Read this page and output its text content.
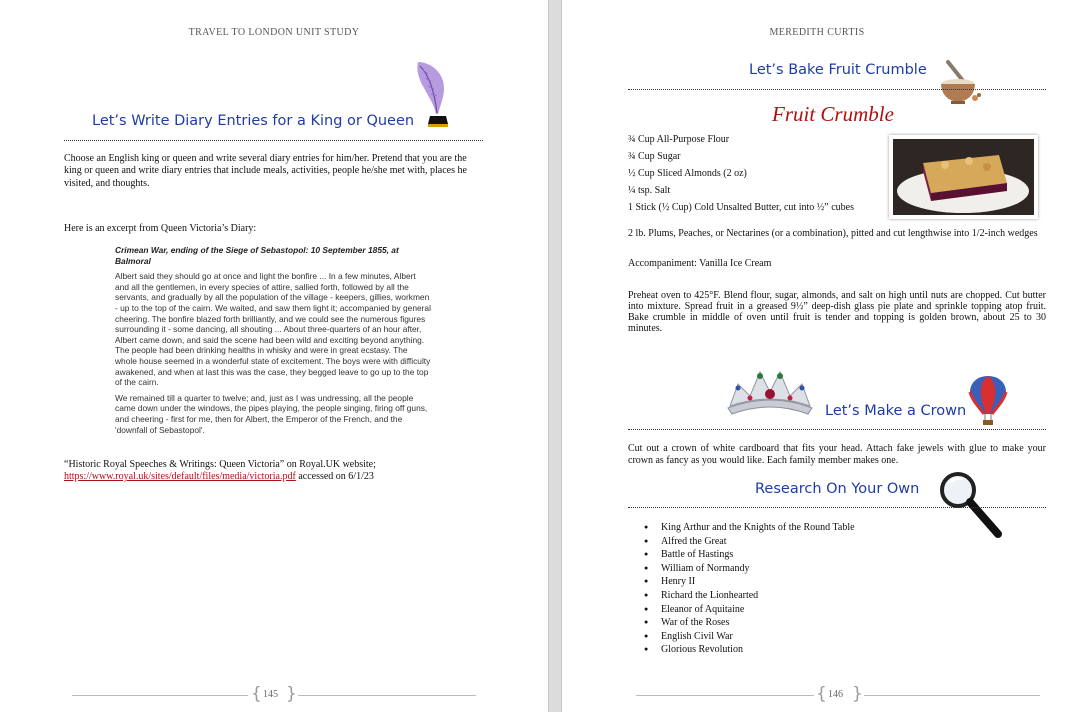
TRAVEL TO LONDON UNIT STUDY
Let’s Write Diary Entries for a King or Queen
Choose an English king or queen and write several diary entries for him/her. Pretend that you are the king or queen and write diary entries that include meals, activities, people he/she met with, places he visited, and thoughts.
Here is an excerpt from Queen Victoria’s Diary:

Crimean War, ending of the Siege of Sebastopol: 10 September 1855, at Balmoral

Albert said they should go at once and light the bonfire ... In a few minutes, Albert and all the gentlemen, in every species of attire, sallied forth, followed by all the servants, and gradually by all the population of the village - keepers, gillies, workmen - up to the top of the cairn. We waited, and saw them light it; accompanied by general cheering. The bonfire blazed forth brilliantly, and we could see the numerous figures surrounding it - some dancing, all shouting ... About three-quarters of an hour after, Albert came down, and said the scene had been wild and exciting beyond anything. The people had been drinking healths in whisky and were in great ecstasy. The whole house seemed in a wonderful state of excitement. The boys were with difficulty awakened, and when at last this was the case, they begged leave to go up to the top of the cairn.

We remained till a quarter to twelve; and, just as I was undressing, all the people came down under the windows, the pipes playing, the people singing, firing off guns, and cheering - first for me, then for Albert, the Emperor of the French, and the 'downfall of Sebastopol'.

“Historic Royal Speeches & Writings: Queen Victoria” on Royal.UK website;
https://www.royal.uk/sites/default/files/media/victoria.pdf accessed on 6/1/23
{ 145 }
MEREDITH CURTIS
Let’s Bake Fruit Crumble
Fruit Crumble

¾ Cup All-Purpose Flour

¾ Cup Sugar

½ Cup Sliced Almonds (2 oz)

¼ tsp. Salt

1 Stick (½ Cup) Cold Unsalted Butter, cut into ½” cubes

2 lb. Plums, Peaches, or Nectarines (or a combination), pitted and cut lengthwise into 1/2-inch wedges
Accompaniment: Vanilla Ice Cream
Preheat oven to 425°F. Blend flour, sugar, almonds, and salt on high until nuts are chopped. Cut butter into mixture. Spread fruit in a greased 9½” deep-dish glass pie plate and sprinkle topping atop fruit. Bake crumble in middle of oven until fruit is tender and topping is golden brown, about 25 to 30 minutes.
Let’s Make a Crown
Cut out a crown of white cardboard that fits your head. Attach fake jewels with glue to make your crown as fancy as you would like. Each family member makes one.
Research On Your Own
● King Arthur and the Knights of the Round Table
● Alfred the Great
● Battle of Hastings
● William of Normandy
● Henry II
● Richard the Lionhearted
● Eleanor of Aquitaine
● War of the Roses
● English Civil War
● Glorious Revolution
{ 146 }
